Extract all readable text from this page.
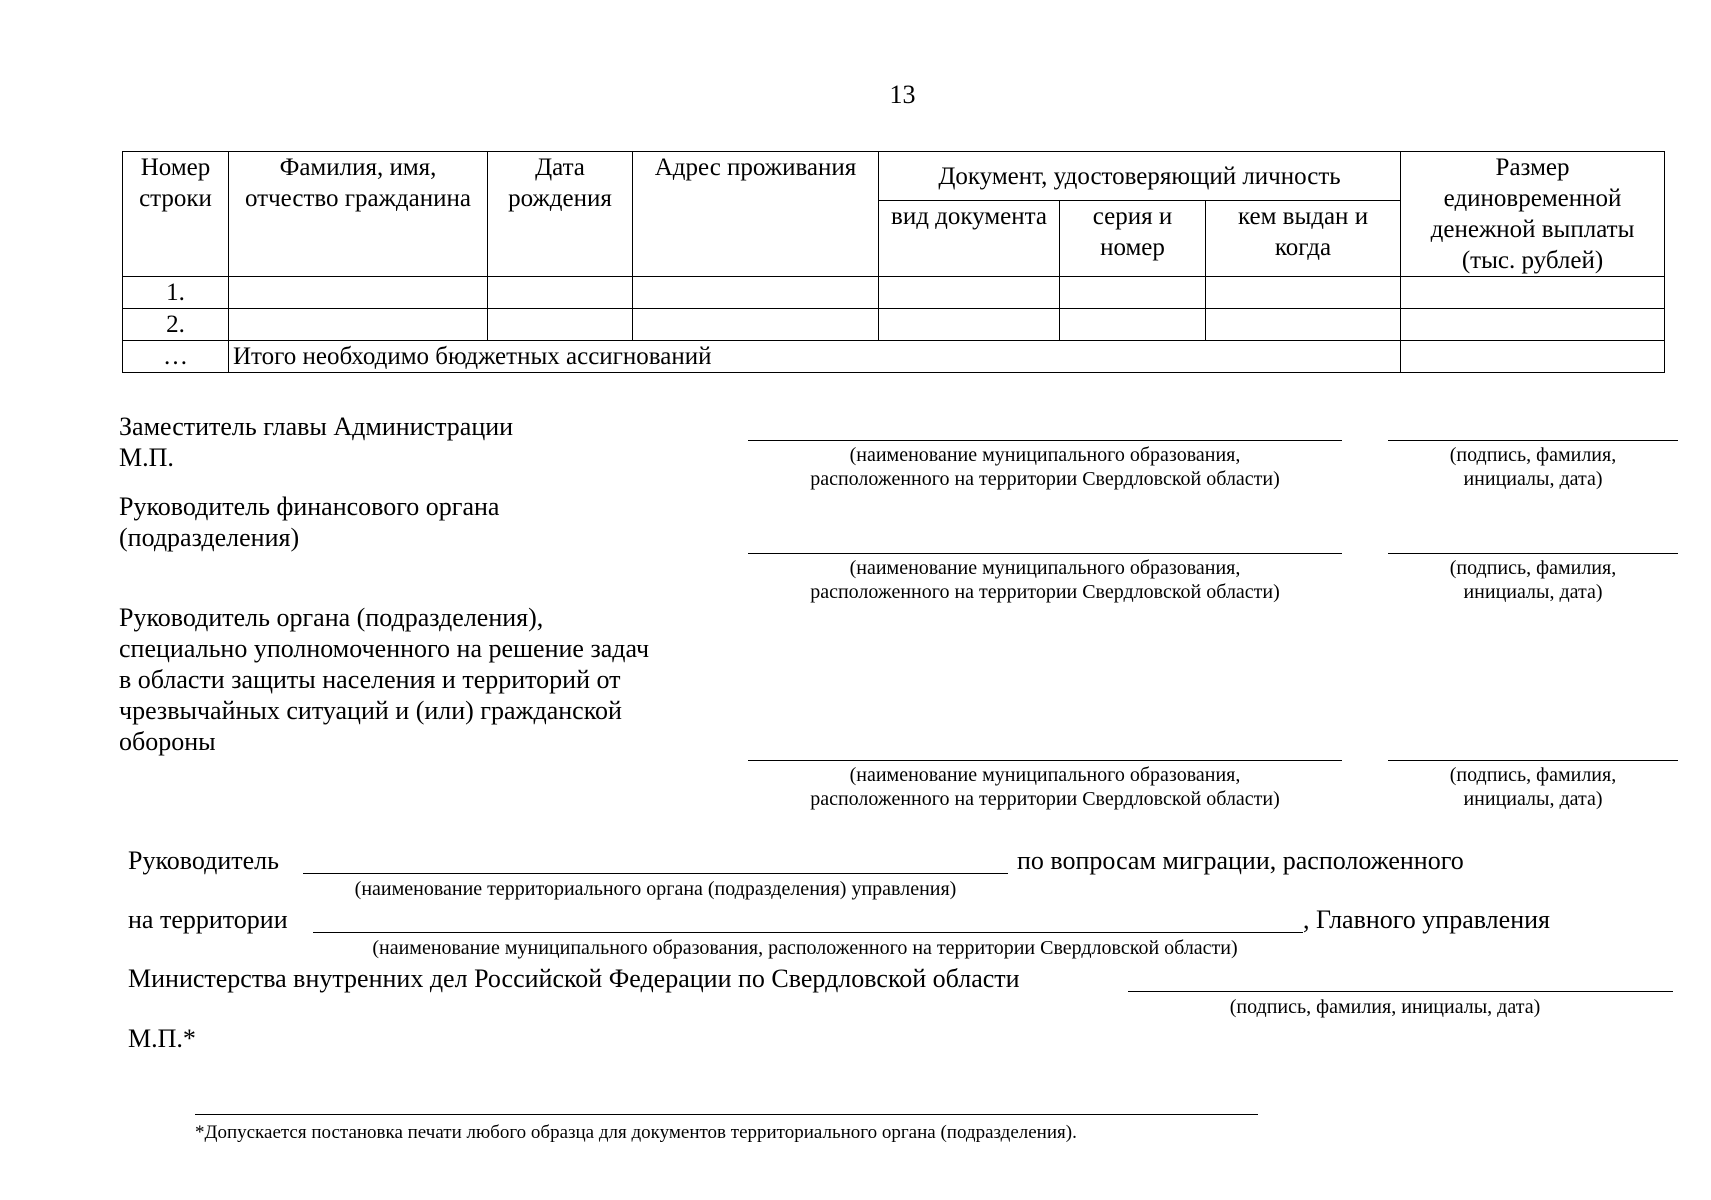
13
Номер строки	Фамилия, имя, отчество гражданина	Дата рождения	Адрес проживания	Документ, удостоверяющий личность			Размер единовременной денежной выплаты (тыс. рублей)
				вид документа	серия и номер	кем выдан и когда	
1.							
2.							
…	Итого необходимо бюджетных ассигнований						
Заместитель главы Администрации
М.П.	(наименование муниципального образования,
расположенного на территории Свердловской области)
(подпись, фамилия,
инициалы, дата)
Руководитель финансового органа
(подразделения)
(наименование муниципального образования,
расположенного на территории Свердловской области)
(подпись, фамилия,
инициалы, дата)
Руководитель органа (подразделения),
специально уполномоченного на решение задач
в области защиты населения и территорий от
чрезвычайных ситуаций и (или) гражданской
обороны
(наименование муниципального образования,
расположенного на территории Свердловской области)
(подпись, фамилия,
инициалы, дата)
Руководитель	по вопросам миграции, расположенного
(наименование территориального органа (подразделения) управления)
на территории	, Главного управления
(наименование муниципального образования, расположенного на территории Свердловской области)
Министерства внутренних дел Российской Федерации по Свердловской области
(подпись, фамилия, инициалы, дата)
М.П.*
*Допускается постановка печати любого образца для документов территориального органа (подразделения).
